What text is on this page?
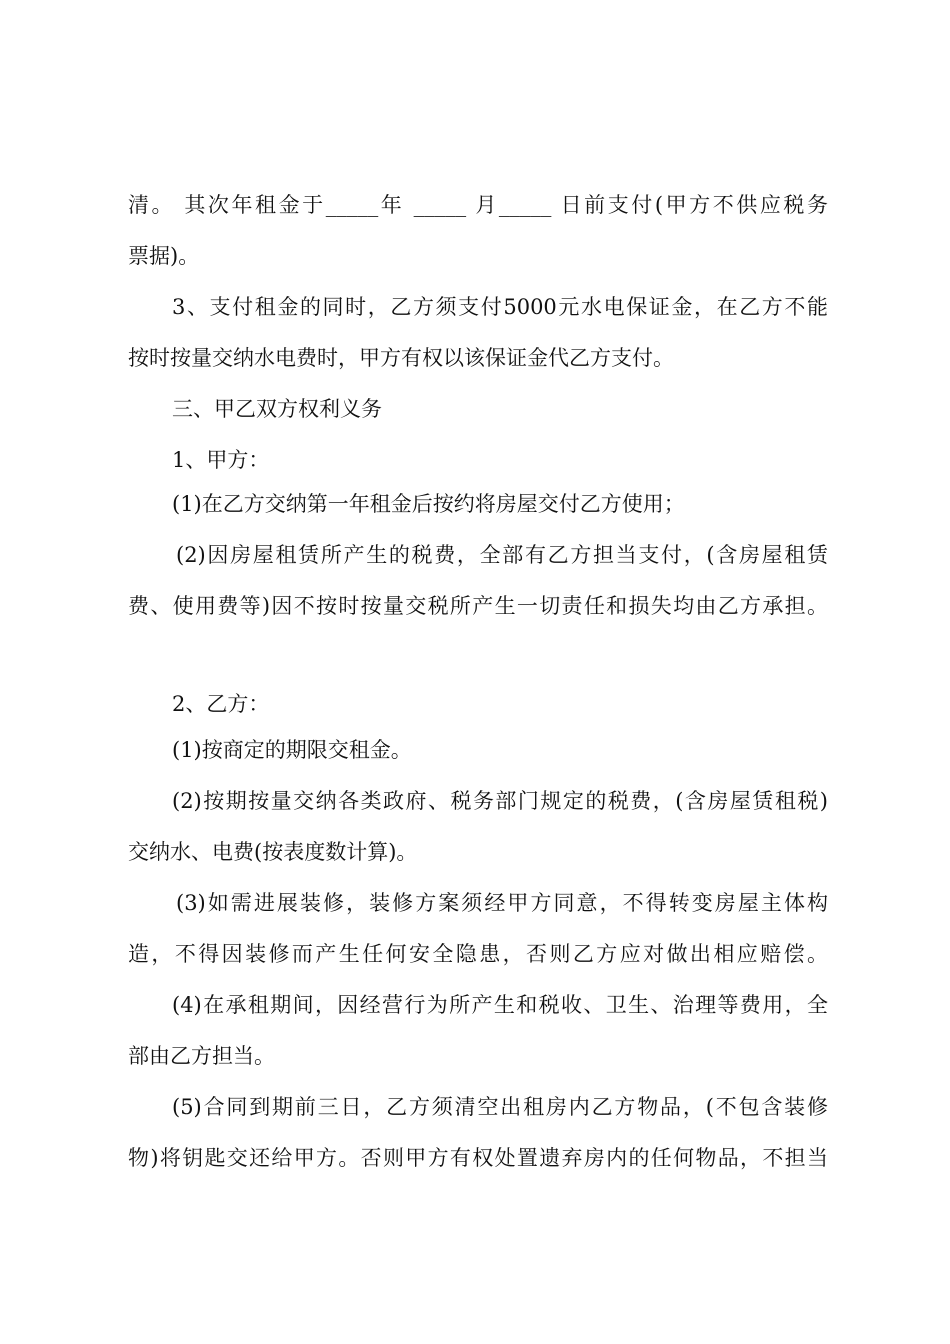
清。 其次年租金于_____年 _____ 月_____ 日前支付(甲方不供应税务
票据)。
3、支付租金的同时，乙方须支付5000元水电保证金，在乙方不能
按时按量交纳水电费时，甲方有权以该保证金代乙方支付。
三、甲乙双方权利义务
1、甲方：
(1)在乙方交纳第一年租金后按约将房屋交付乙方使用；
(2)因房屋租赁所产生的税费，全部有乙方担当支付，(含房屋租赁
费、使用费等)因不按时按量交税所产生一切责任和损失均由乙方承担。
2、乙方：
(1)按商定的期限交租金。
(2)按期按量交纳各类政府、税务部门规定的税费，(含房屋赁租税)
交纳水、电费(按表度数计算)。
(3)如需进展装修，装修方案须经甲方同意，不得转变房屋主体构
造，不得因装修而产生任何安全隐患，否则乙方应对做出相应赔偿。
(4)在承租期间，因经营行为所产生和税收、卫生、治理等费用，全
部由乙方担当。
(5)合同到期前三日，乙方须清空出租房内乙方物品，(不包含装修
物)将钥匙交还给甲方。否则甲方有权处置遗弃房内的任何物品，不担当
